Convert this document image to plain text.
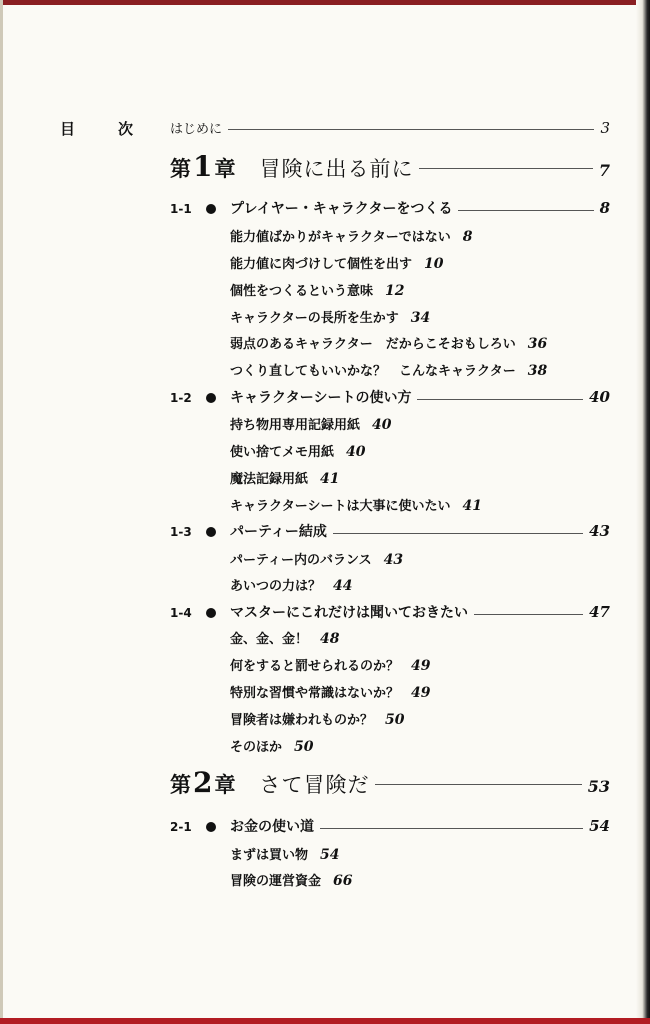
目　次 はじめに	3
第 1 章 冒険に出る前に	7
1-1	プレイヤー・キャラクターをつくる	8
能力値ばかりがキャラクターではない 8
能力値に肉づけして個性を出す 10
個性をつくるという意味 12
キャラクターの長所を生かす 34
弱点のあるキャラクター　だからこそおもしろい 36
つくり直してもいいかな？　こんなキャラクター 38
1-2	キャラクターシートの使い方	40
持ち物用専用記録用紙 40
使い捨てメモ用紙 40
魔法記録用紙 41
キャラクターシートは大事に使いたい 41
1-3	パーティー結成	43
パーティー内のバランス 43
あいつの力は？ 44
1-4	マスターにこれだけは聞いておきたい	47
金、金、金！ 48
何をすると罰せられるのか？ 49
特別な習慣や常識はないか？ 49
冒険者は嫌われものか？ 50
そのほか 50
第 2 章 さて冒険だ	53
2-1	お金の使い道	54
まずは買い物 54
冒険の運営資金 66
